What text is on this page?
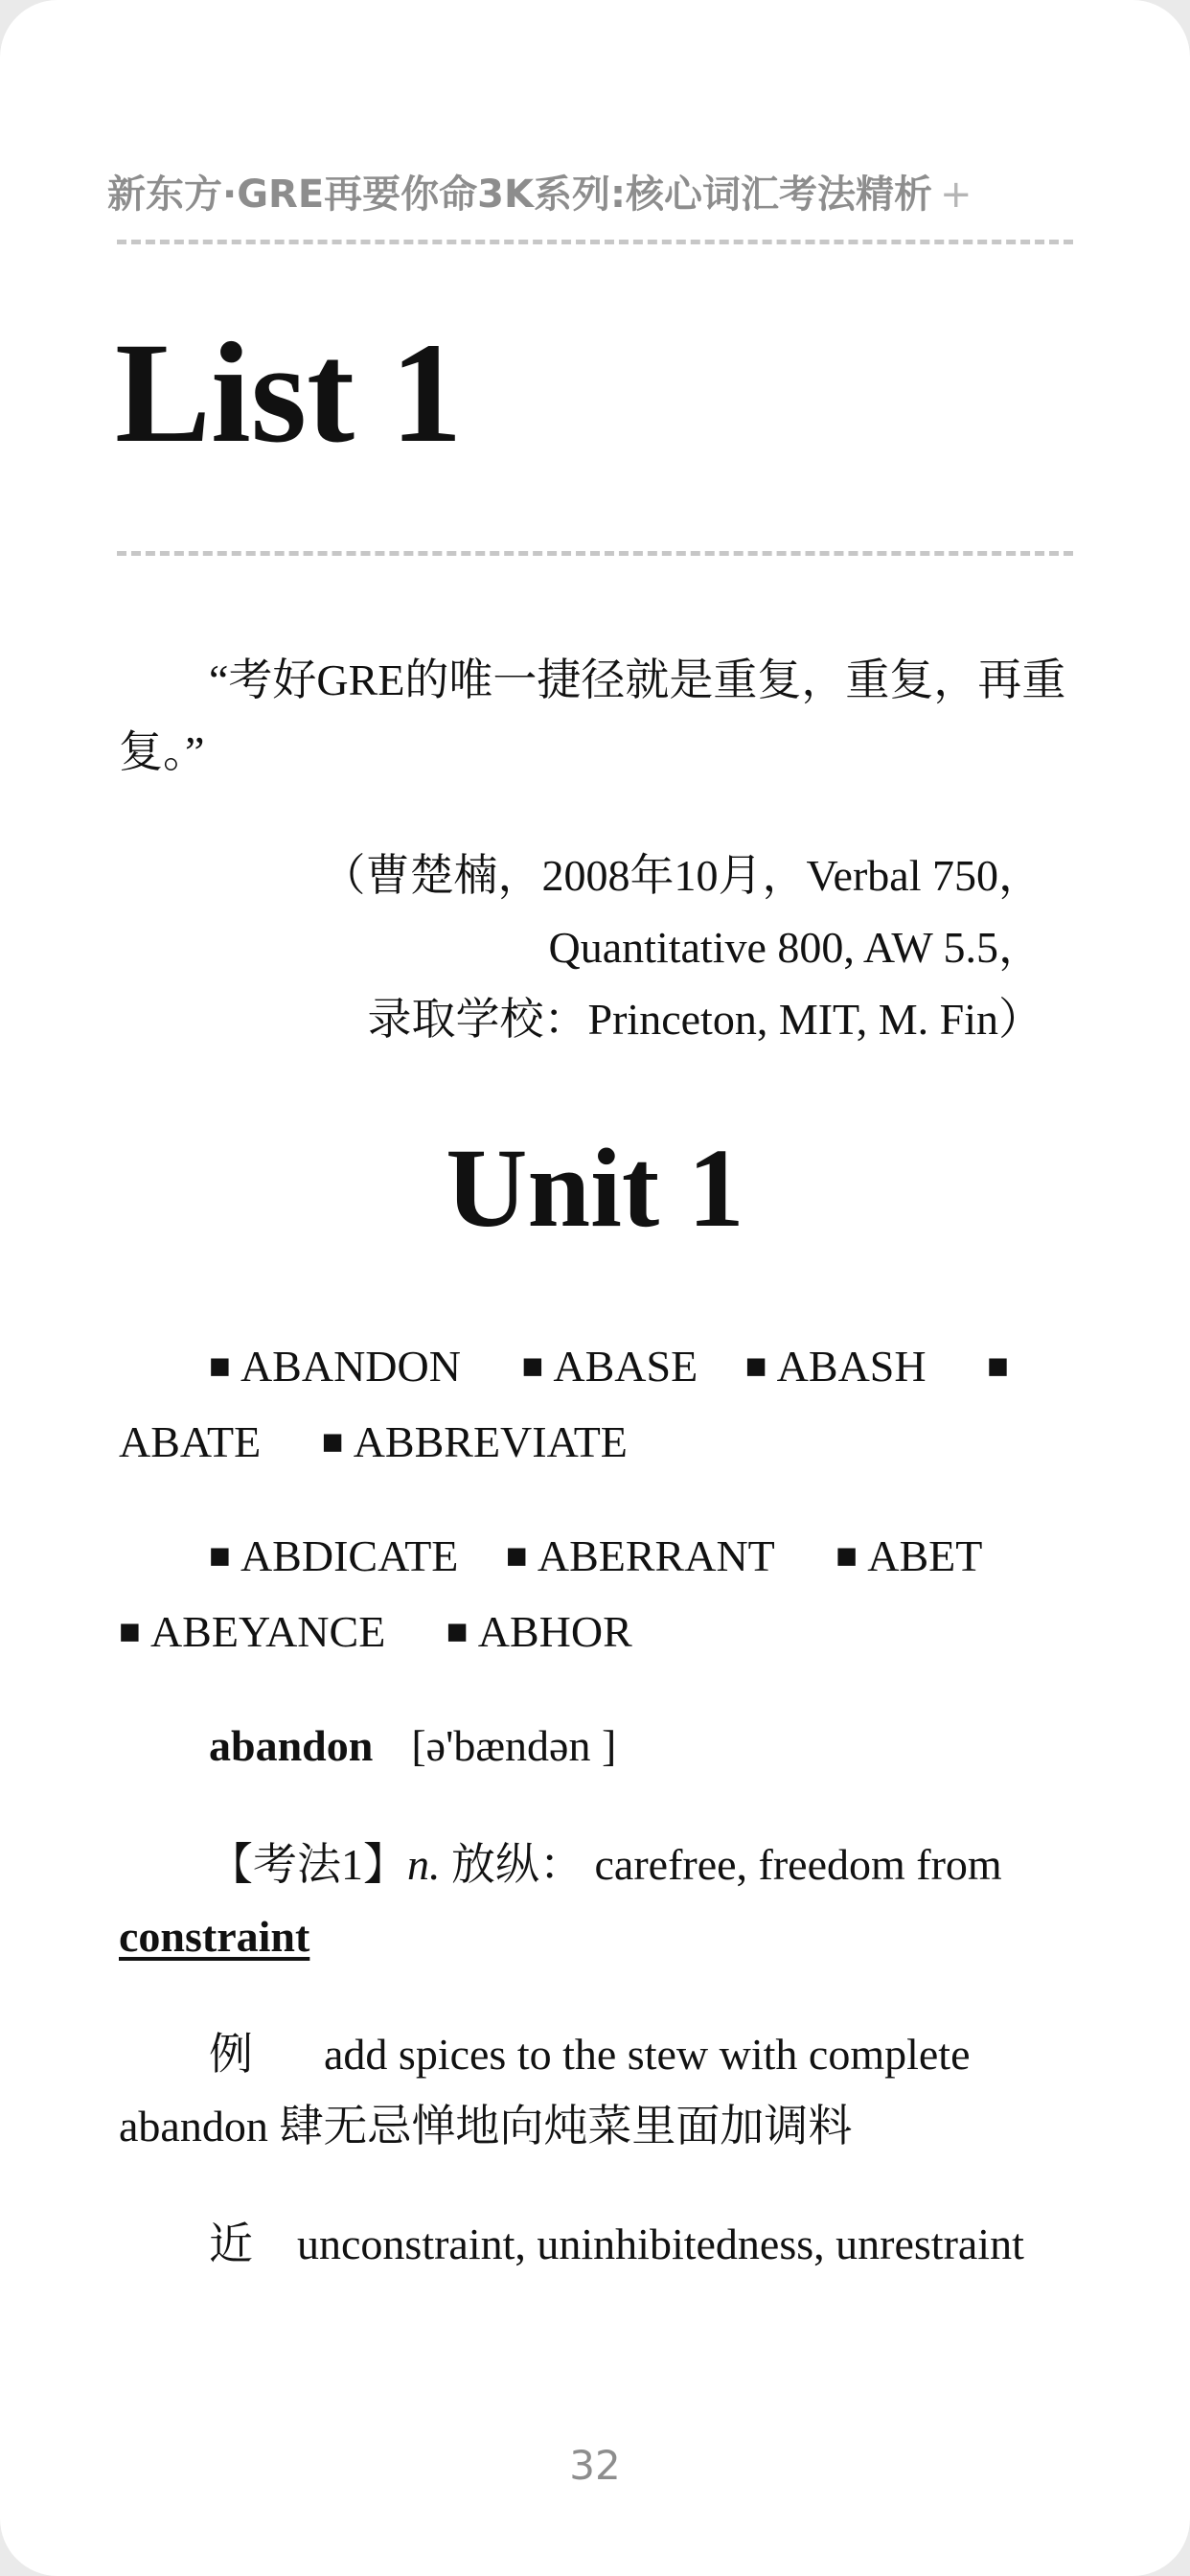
新东方·GRE再要你命3K系列:核心词汇考法精析 +
List 1
“考好GRE的唯一捷径就是重复，重复，再重复。”
（曹楚楠，2008年10月，Verbal 750，
Quantitative 800, AW 5.5，
录取学校：Princeton, MIT, M. Fin）
Unit 1
■ ABANDON ■ ABASE ■ ABASH ■
ABATE ■ ABBREVIATE
■ ABDICATE ■ ABERRANT ■ ABET
■ ABEYANCE ■ ABHOR
abandon [ə'bændən ]
【考法1】n. 放纵： carefree, freedom from
constraint
例 add spices to the stew with complete
abandon 肆无忌惮地向炖菜里面加调料
近 unconstraint, uninhibitedness, unrestraint
32
